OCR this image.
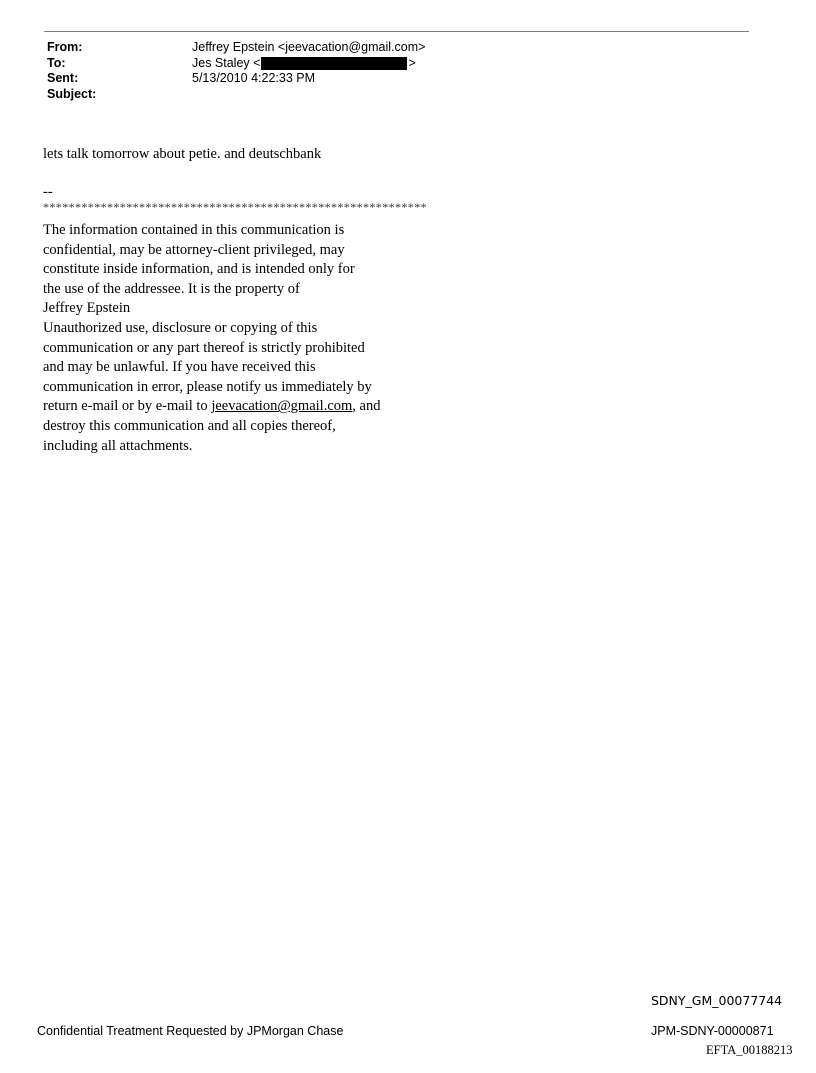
From:	Jeffrey Epstein <jeevacation@gmail.com>
To:	Jes Staley <	>
Sent:	5/13/2010 4:22:33 PM
Subject:
lets talk tomorrow about petie. and deutschbank
--
************************************************************
The information contained in this communication is
confidential, may be attorney-client privileged, may
constitute inside information, and is intended only for
the use of the addressee. It is the property of
Jeffrey Epstein
Unauthorized use, disclosure or copying of this
communication or any part thereof is strictly prohibited
and may be unlawful. If you have received this
communication in error, please notify us immediately by
return e-mail or by e-mail to jeevacation@gmail.com, and
destroy this communication and all copies thereof,
including all attachments.
SDNY_GM_00077744
Confidential Treatment Requested by JPMorgan Chase	JPM-SDNY-00000871
EFTA_00188213
